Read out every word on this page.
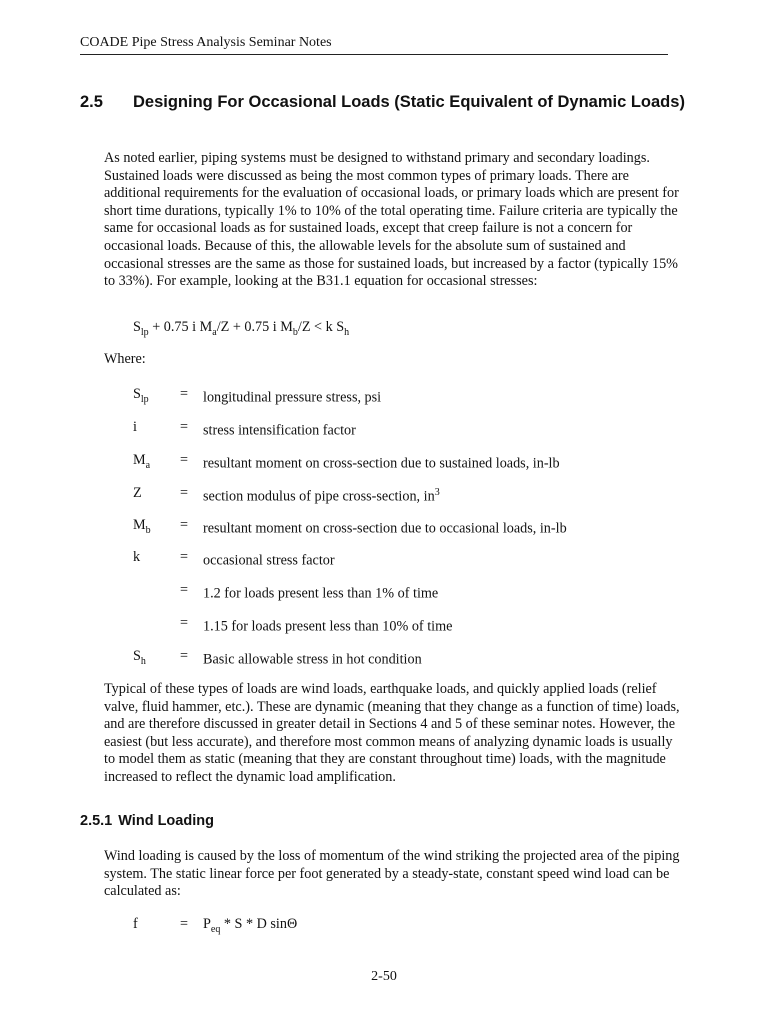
COADE Pipe Stress Analysis Seminar Notes
2.5 Designing For Occasional Loads (Static Equivalent of Dynamic Loads)
As noted earlier, piping systems must be designed to withstand primary and secondary loadings. Sustained loads were discussed as being the most common types of primary loads. There are additional requirements for the evaluation of occasional loads, or primary loads which are present for short time durations, typically 1% to 10% of the total operating time. Failure criteria are typically the same for occasional loads as for sustained loads, except that creep failure is not a concern for occasional loads. Because of this, the allowable levels for the absolute sum of sustained and occasional stresses are the same as those for sustained loads, but increased by a factor (typically 15% to 33%). For example, looking at the B31.1 equation for occasional stresses:
$S_{lp} + 0.75$ i $M_a/Z + 0.75$ i $M_b/Z < k$ $S_h$
Where:
$S_{lp}$ = longitudinal pressure stress, psi
i	= stress intensification factor
$M_a$ = resultant moment on cross-section due to sustained loads, in-lb
Z	= section modulus of pipe cross-section, $in^3$
$M_b$ = resultant moment on cross-section due to occasional loads, in-lb
k	= occasional stress factor
= 1.2 for loads present less than 1% of time
= 1.15 for loads present less than 10% of time
$S_h$ = Basic allowable stress in hot condition
Typical of these types of loads are wind loads, earthquake loads, and quickly applied loads (relief valve, fluid hammer, etc.). These are dynamic (meaning that they change as a function of time) loads, and are therefore discussed in greater detail in Sections 4 and 5 of these seminar notes. However, the easiest (but less accurate), and therefore most common means of analyzing dynamic loads is usually to model them as static (meaning that they are constant throughout time) loads, with the magnitude increased to reflect the dynamic load amplification.
2.5.1 Wind Loading
Wind loading is caused by the loss of momentum of the wind striking the projected area of the piping system. The static linear force per foot generated by a steady-state, constant speed wind load can be calculated as:
f	= $P_{eq}$ * S * D sinΘ
2-50
